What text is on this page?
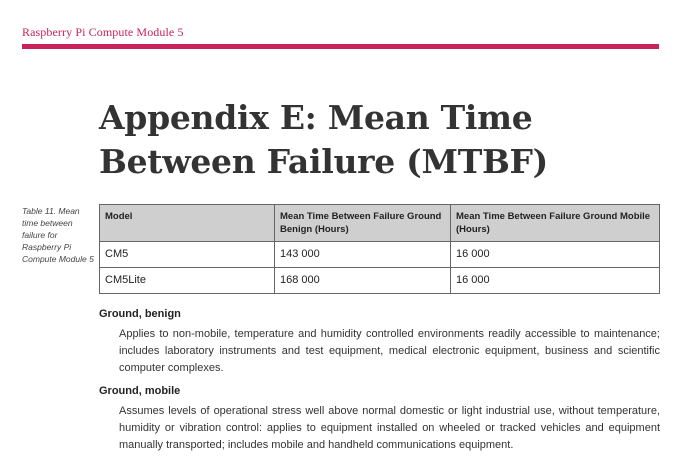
Raspberry Pi Compute Module 5
Appendix E: Mean Time Between Failure (MTBF)
Table 11. Mean time between failure for Raspberry Pi Compute Module 5
Model	Mean Time Between Failure Ground Benign (Hours)	Mean Time Between Failure Ground Mobile (Hours)
CM5	143 000	16 000
CM5Lite	168 000	16 000
Ground, benign

Applies to non-mobile, temperature and humidity controlled environments readily accessible to maintenance; includes laboratory instruments and test equipment, medical electronic equipment, business and scientific computer complexes.

Ground, mobile

Assumes levels of operational stress well above normal domestic or light industrial use, without temperature, humidity or vibration control: applies to equipment installed on wheeled or tracked vehicles and equipment manually transported; includes mobile and handheld communications equipment.
